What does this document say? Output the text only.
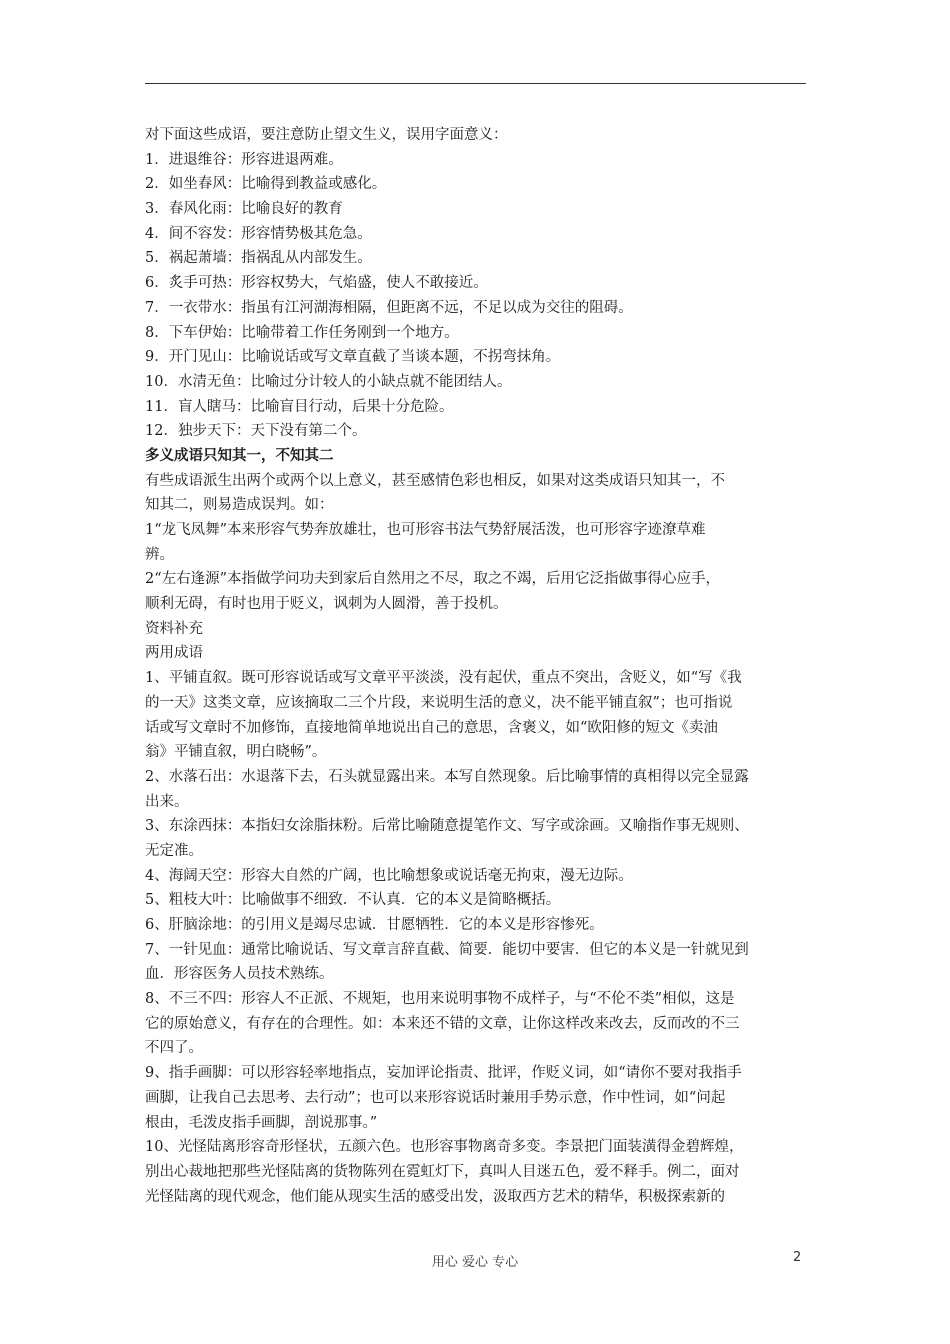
对下面这些成语，要注意防止望文生义，误用字面意义：
1．进退维谷：形容进退两难。
2．如坐春风：比喻得到教益或感化。
3．春风化雨：比喻良好的教育
4．间不容发：形容情势极其危急。
5．祸起萧墙：指祸乱从内部发生。
6．炙手可热：形容权势大，气焰盛，使人不敢接近。
7．一衣带水：指虽有江河湖海相隔，但距离不远，不足以成为交往的阻碍。
8．下车伊始：比喻带着工作任务刚到一个地方。
9．开门见山：比喻说话或写文章直截了当谈本题，不拐弯抹角。
10．水清无鱼：比喻过分计较人的小缺点就不能团结人。
11．盲人瞎马：比喻盲目行动，后果十分危险。
12．独步天下：天下没有第二个。
多义成语只知其一，不知其二
有些成语派生出两个或两个以上意义，甚至感情色彩也相反，如果对这类成语只知其一，不
知其二，则易造成误判。如：
1“龙飞凤舞”本来形容气势奔放雄壮，也可形容书法气势舒展活泼，也可形容字迹潦草难
辨。
2“左右逢源”本指做学问功夫到家后自然用之不尽，取之不竭，后用它泛指做事得心应手，
顺利无碍，有时也用于贬义，讽刺为人圆滑，善于投机。
资料补充
两用成语
1、平铺直叙。既可形容说话或写文章平平淡淡，没有起伏，重点不突出，含贬义，如“写《我
的一天》这类文章，应该摘取二三个片段，来说明生活的意义，决不能平铺直叙”；也可指说
话或写文章时不加修饰，直接地简单地说出自己的意思，含褒义，如“欧阳修的短文《卖油
翁》平铺直叙，明白晓畅”。
2、水落石出：水退落下去，石头就显露出来。本写自然现象。后比喻事情的真相得以完全显露
出来。
3、东涂西抹：本指妇女涂脂抹粉。后常比喻随意提笔作文、写字或涂画。又喻指作事无规则、
无定准。
4、海阔天空：形容大自然的广阔，也比喻想象或说话毫无拘束，漫无边际。
5、粗枝大叶：比喻做事不细致．不认真．它的本义是简略概括。
6、肝脑涂地：的引用义是竭尽忠诚．甘愿牺牲．它的本义是形容惨死。
7、一针见血：通常比喻说话、写文章言辞直截、简要．能切中要害．但它的本义是一针就见到
血．形容医务人员技术熟练。
8、不三不四：形容人不正派、不规矩，也用来说明事物不成样子，与“不伦不类”相似，这是
它的原始意义，有存在的合理性。如：本来还不错的文章，让你这样改来改去，反而改的不三
不四了。
9、指手画脚：可以形容轻率地指点，妄加评论指责、批评，作贬义词，如“请你不要对我指手
画脚，让我自己去思考、去行动”；也可以来形容说话时兼用手势示意，作中性词，如“问起
根由，毛泼皮指手画脚，剖说那事。”
10、光怪陆离形容奇形怪状，五颜六色。也形容事物离奇多变。李景把门面装潢得金碧辉煌，
别出心裁地把那些光怪陆离的货物陈列在霓虹灯下，真叫人目迷五色，爱不释手。例二，面对
光怪陆离的现代观念，他们能从现实生活的感受出发，汲取西方艺术的精华，积极探索新的
用心 爱心 专心	2
